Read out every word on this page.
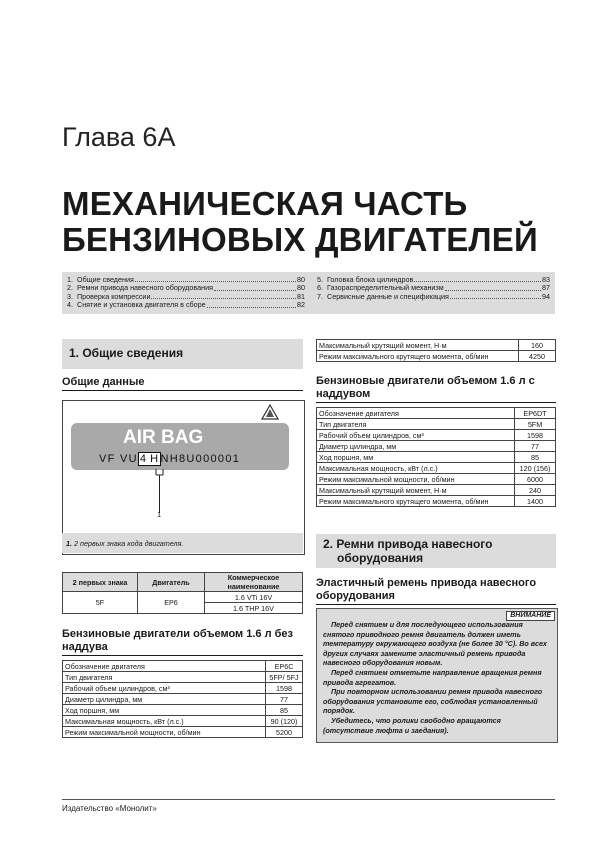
Глава 6А
МЕХАНИЧЕСКАЯ ЧАСТЬ
БЕНЗИНОВЫХ ДВИГАТЕЛЕЙ
1. Общие сведения	80
2. Ремни привода навесного оборудования	80
3. Проверка компрессии	81
4. Снятие и установка двигателя в сборе	82
5. Головка блока цилиндров	83
6. Газораспределительный механизм	87
7. Сервисные данные и спецификация	94
1. Общие сведения
Общие данные
AIR BAG
VF VU 4 H NH8U000001
1
1. 2 первых знака кода двигателя.
2 первых знака	Двигатель	Коммерческое наименование
5F	EP6	1.6 VTi 16V
		1.6 THP 16V
Бензиновые двигатели объемом 1.6 л без наддува
Обозначение двигателя	EP6C
Тип двигателя	5FP/ 5FJ
Рабочий объем цилиндров, см³	1598
Диаметр цилиндра, мм	77
Ход поршня, мм	85
Максимальная мощность, кВт (л.с.)	90 (120)
Режим максимальной мощности, об/мин	5200
Максимальный крутящий момент, Н·м	160
Режим максимального крутящего момента, об/мин	4250
Бензиновые двигатели объемом 1.6 л с наддувом
Обозначение двигателя	EP6DT
Тип двигателя	5FM
Рабочий объем цилиндров, см³	1598
Диаметр цилиндра, мм	77
Ход поршня, мм	85
Максимальная мощность, кВт (л.с.)	120 (156)
Режим максимальной мощности, об/мин	6000
Максимальный крутящий момент, Н·м	240
Режим максимального крутящего момента, об/мин	1400
2. Ремни привода навесного
оборудования
Эластичный ремень привода навесного оборудования
ВНИМАНИЕ

Перед снятием и для последующего использования снятого приводного ремня двигатель должен иметь температуру окружающего воздуха (не более 30 °С). Во всех других случаях замените эластичный ремень привода навесного оборудования новым.

Перед снятием отметьте направление вращения ремня привода агрегатов.

При повторном использовании ремня привода навесного оборудования установите его, соблюдая установленный порядок.

Убедитесь, что ролики свободно вращаются (отсутствие люфта и заедания).

Издательство «Монолит»
